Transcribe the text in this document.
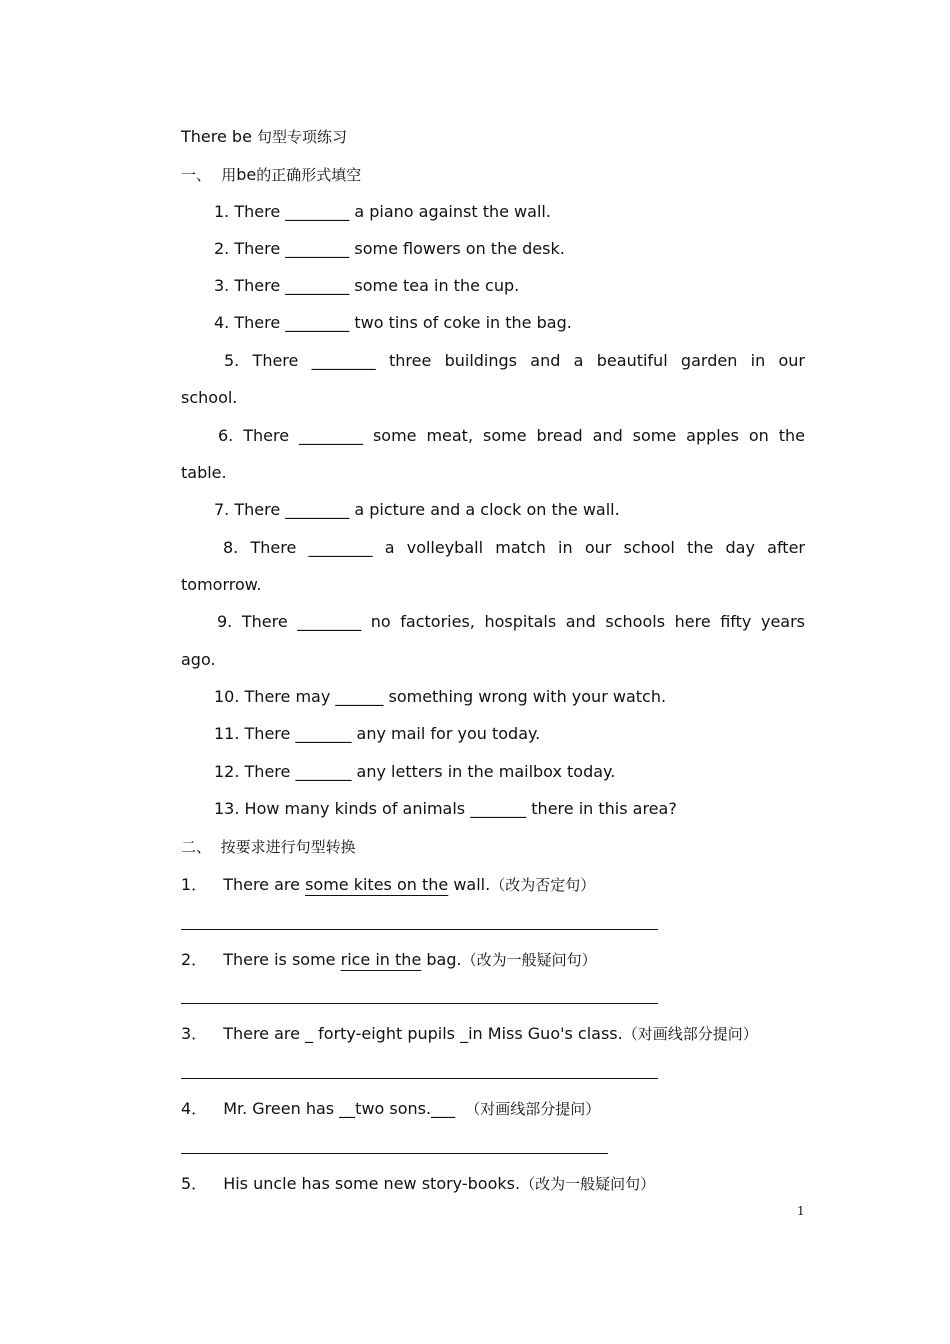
There be 句型专项练习
一、 用be的正确形式填空
1. There ________ a piano against the wall.
2. There ________ some flowers on the desk.
3. There ________ some tea in the cup.
4. There ________ two tins of coke in the bag.
5. There ________ three buildings and a beautiful garden in our
school.
6. There ________ some meat, some bread and some apples on the
table.
7. There ________ a picture and a clock on the wall.
8. There ________ a volleyball match in our school the day after
tomorrow.
9. There ________ no factories, hospitals and schools here fifty years
ago.
10. There may ______ something wrong with your watch.
11. There _______ any mail for you today.
12. There _______ any letters in the mailbox today.
13. How many kinds of animals _______ there in this area?
二、 按要求进行句型转换
1． There are some kites on the wall.（改为否定句）
2． There is some rice in the bag.（改为一般疑问句）
3． There are _ forty-eight pupils _in Miss Guo's class.（对画线部分提问）
4． Mr. Green has __two sons.___  （对画线部分提问）
5． His uncle has some new story-books.（改为一般疑问句）
1
